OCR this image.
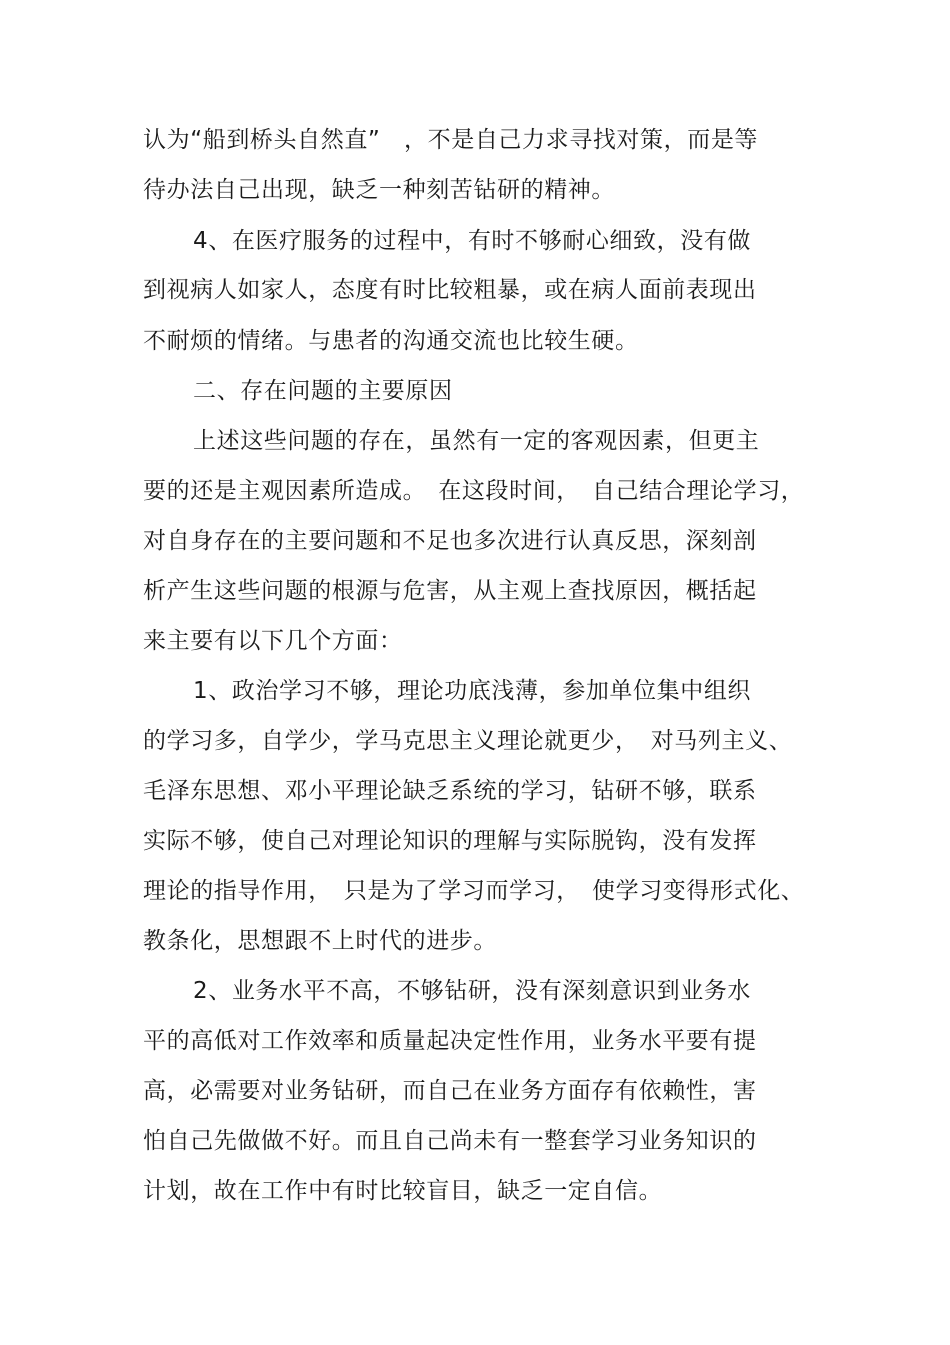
认为“船到桥头自然直”　，不是自己力求寻找对策，而是等
待办法自己出现，缺乏一种刻苦钻研的精神。
4、在医疗服务的过程中，有时不够耐心细致，没有做
到视病人如家人，态度有时比较粗暴，或在病人面前表现出
不耐烦的情绪。与患者的沟通交流也比较生硬。
二、存在问题的主要原因
上述这些问题的存在，虽然有一定的客观因素，但更主
要的还是主观因素所造成。　在这段时间，　自己结合理论学习，
对自身存在的主要问题和不足也多次进行认真反思，深刻剖
析产生这些问题的根源与危害，从主观上查找原因，概括起
来主要有以下几个方面：
1、政治学习不够，理论功底浅薄，参加单位集中组织
的学习多，自学少，学马克思主义理论就更少，　对马列主义、
毛泽东思想、邓小平理论缺乏系统的学习，钻研不够，联系
实际不够，使自己对理论知识的理解与实际脱钩，没有发挥
理论的指导作用，　只是为了学习而学习，　使学习变得形式化、
教条化，思想跟不上时代的进步。
2、业务水平不高，不够钻研，没有深刻意识到业务水
平的高低对工作效率和质量起决定性作用，业务水平要有提
高，必需要对业务钻研，而自己在业务方面存有依赖性，害
怕自己先做做不好。而且自己尚未有一整套学习业务知识的
计划，故在工作中有时比较盲目，缺乏一定自信。
